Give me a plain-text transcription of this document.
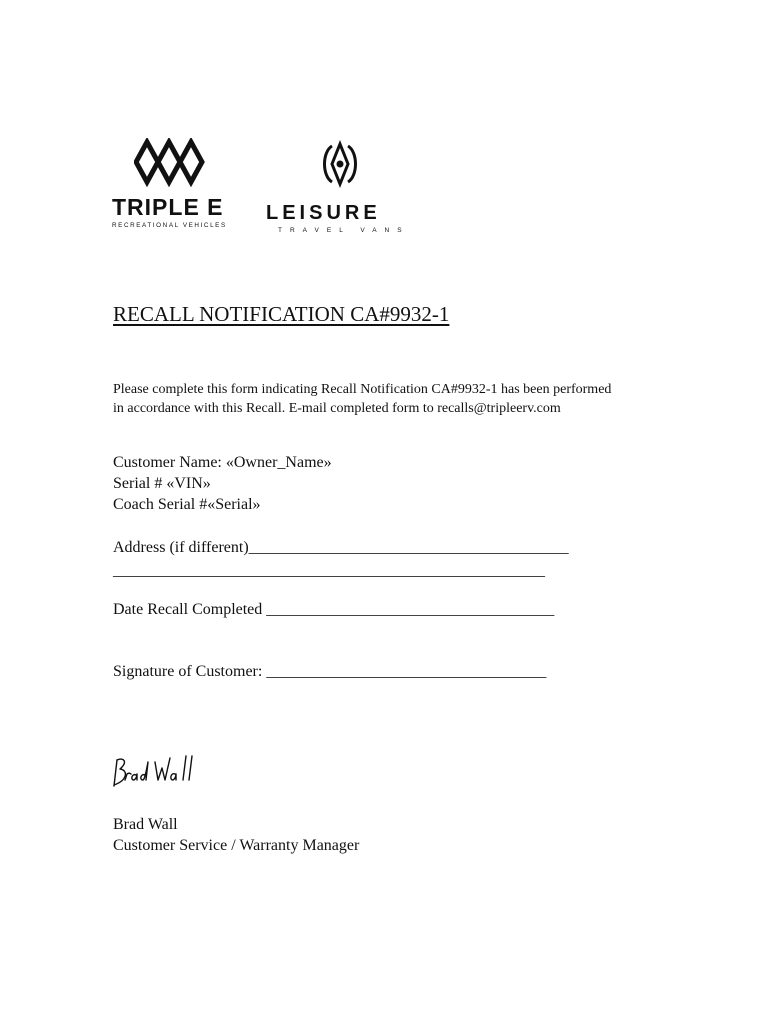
TRIPLE E
RECREATIONAL VEHICLES
LEISURE
TRAVEL VANS
RECALL NOTIFICATION CA#9932-1
Please complete this form indicating Recall Notification CA#9932-1 has been performed
in accordance with this Recall. E-mail completed form to recalls@tripleerv.com
Customer Name: «Owner_Name»
Serial # «VIN»
Coach Serial #«Serial»
Address (if different)________________________________________
______________________________________________________
Date Recall Completed ____________________________________
Signature of Customer: ___________________________________
Brad Wall
Customer Service / Warranty Manager
